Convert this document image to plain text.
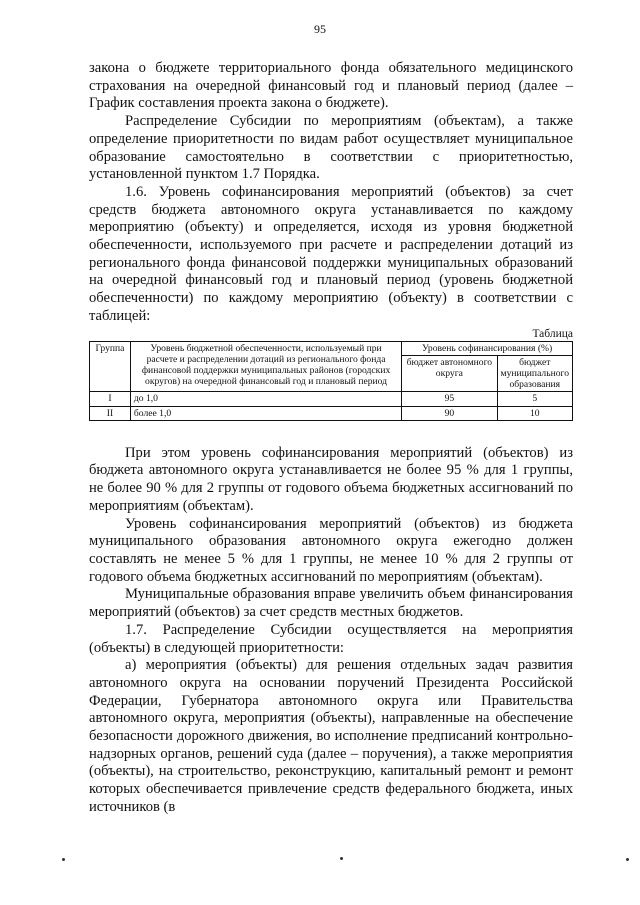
95

закона о бюджете территориального фонда обязательного медицинского страхования на очередной финансовый год и плановый период (далее – График составления проекта закона о бюджете).

Распределение Субсидии по мероприятиям (объектам), а также определение приоритетности по видам работ осуществляет муниципальное образование самостоятельно в соответствии с приоритетностью, установленной пунктом 1.7 Порядка.

1.6. Уровень софинансирования мероприятий (объектов) за счет средств бюджета автономного округа устанавливается по каждому мероприятию (объекту) и определяется, исходя из уровня бюджетной обеспеченности, используемого при расчете и распределении дотаций из регионального фонда финансовой поддержки муниципальных образований на очередной финансовый год и плановый период (уровень бюджетной обеспеченности) по каждому мероприятию (объекту) в соответствии с таблицей:

Таблица
Группа	Уровень бюджетной обеспеченности, используемый при расчете и распределении дотаций из регионального фонда финансовой поддержки муниципальных районов (городских округов) на очередной финансовый год и плановый период	Уровень софинансирования (%)	
		бюджет автономного округа	бюджет муниципального образования
I	до 1,0	95	5
II	более 1,0	90	10

При этом уровень софинансирования мероприятий (объектов) из бюджета автономного округа устанавливается не более 95 % для 1 группы, не более 90 % для 2 группы от годового объема бюджетных ассигнований по мероприятиям (объектам).

Уровень софинансирования мероприятий (объектов) из бюджета муниципального образования автономного округа ежегодно должен составлять не менее 5 % для 1 группы, не менее 10 % для 2 группы от годового объема бюджетных ассигнований по мероприятиям (объектам).

Муниципальные образования вправе увеличить объем финансирования мероприятий (объектов) за счет средств местных бюджетов.

1.7. Распределение Субсидии осуществляется на мероприятия (объекты) в следующей приоритетности:

а) мероприятия (объекты) для решения отдельных задач развития автономного округа на основании поручений Президента Российской Федерации, Губернатора автономного округа или Правительства автономного округа, мероприятия (объекты), направленные на обеспечение безопасности дорожного движения, во исполнение предписаний контрольно-надзорных органов, решений суда (далее – поручения), а также мероприятия (объекты), на строительство, реконструкцию, капитальный ремонт и ремонт которых обеспечивается привлечение средств федерального бюджета, иных источников (в
